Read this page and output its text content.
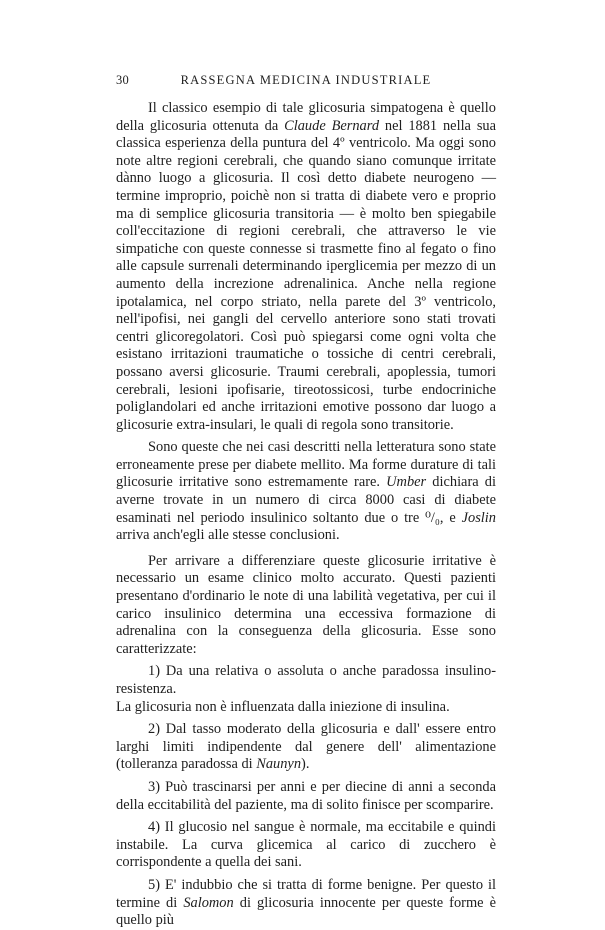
30	RASSEGNA MEDICINA INDUSTRIALE

Il classico esempio di tale glicosuria simpatogena è quello della glicosuria ottenuta da Claude Bernard nel 1881 nella sua classica esperienza della puntura del 4º ventricolo. Ma oggi sono note altre regioni cerebrali, che quando siano comunque irritate dànno luogo a glicosuria. Il così detto diabete neurogeno — termine improprio, poichè non si tratta di diabete vero e proprio ma di semplice glicosuria transitoria — è molto ben spiegabile coll'eccitazione di regioni cerebrali, che attraverso le vie simpatiche con queste connesse si trasmette fino al fegato o fino alle capsule surrenali determinando iperglicemia per mezzo di un aumento della increzione adrenalinica. Anche nella regione ipotalamica, nel corpo striato, nella parete del 3º ventricolo, nell'ipofisi, nei gangli del cervello anteriore sono stati trovati centri glicoregolatori. Così può spiegarsi come ogni volta che esistano irritazioni traumatiche o tossiche di centri cerebrali, possano aversi glicosurie. Traumi cerebrali, apoplessia, tumori cerebrali, lesioni ipofisarie, tireotossicosi, turbe endocriniche poliglandolari ed anche irritazioni emotive possono dar luogo a glicosurie extra-insulari, le quali di regola sono transitorie.

Sono queste che nei casi descritti nella letteratura sono state erroneamente prese per diabete mellito. Ma forme durature di tali glicosurie irritative sono estremamente rare. Umber dichiara di averne trovate in un numero di circa 8000 casi di diabete esaminati nel periodo insulinico soltanto due o tre ⁰/₀, e Joslin arriva anch'egli alle stesse conclusioni.

Per arrivare a differenziare queste glicosurie irritative è necessario un esame clinico molto accurato. Questi pazienti presentano d'ordinario le note di una labilità vegetativa, per cui il carico insulinico determina una eccessiva formazione di adrenalina con la conseguenza della glicosuria. Esse sono caratterizzate:

1) Da una relativa o assoluta o anche paradossa insulino-resistenza.

La glicosuria non è influenzata dalla iniezione di insulina.

2) Dal tasso moderato della glicosuria e dall' essere entro larghi limiti indipendente dal genere dell' alimentazione (tolleranza paradossa di Naunyn).

3) Può trascinarsi per anni e per diecine di anni a seconda della eccitabilità del paziente, ma di solito finisce per scomparire.

4) Il glucosio nel sangue è normale, ma eccitabile e quindi instabile. La curva glicemica al carico di zucchero è corrispondente a quella dei sani.

5) E' indubbio che si tratta di forme benigne. Per questo il termine di Salomon di glicosuria innocente per queste forme è quello più
